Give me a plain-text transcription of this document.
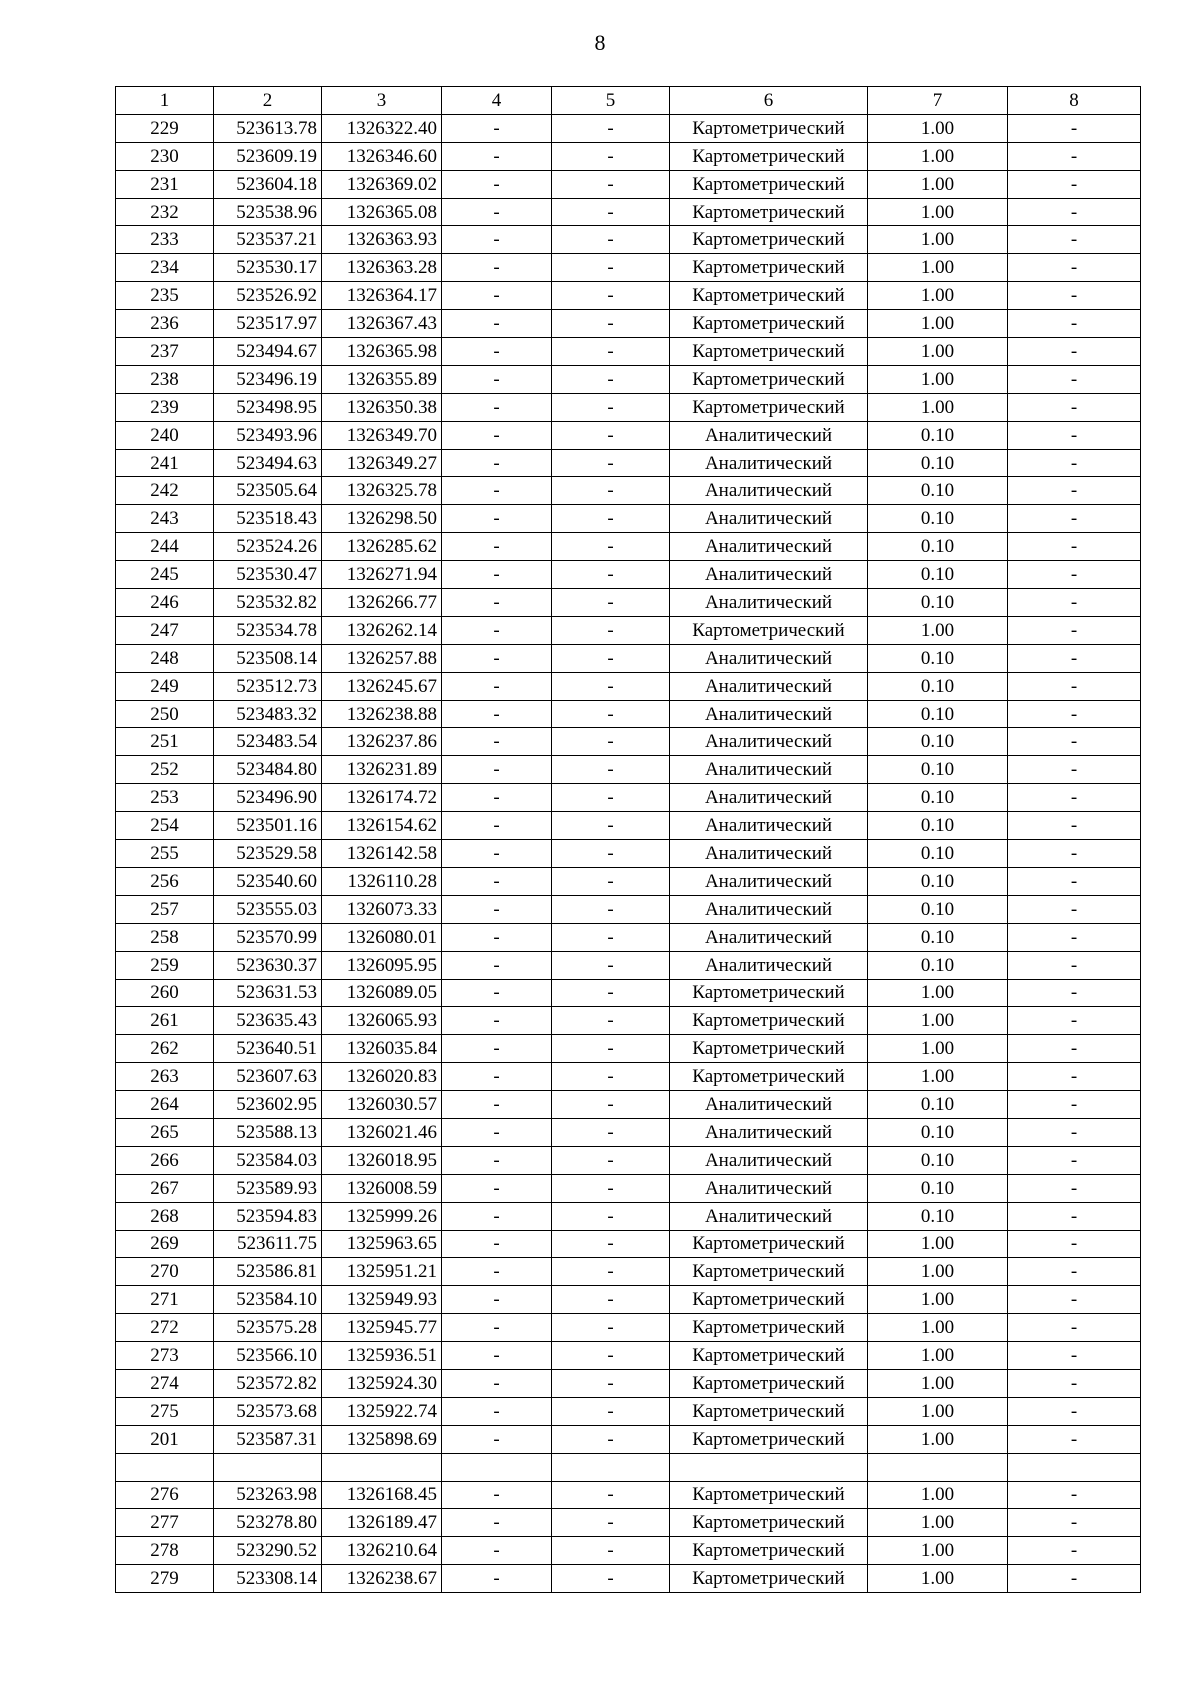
8
1	2	3	4	5	6	7	8
229	523613.78	1326322.40	-	-	Картометрический	1.00	-
230	523609.19	1326346.60	-	-	Картометрический	1.00	-
231	523604.18	1326369.02	-	-	Картометрический	1.00	-
232	523538.96	1326365.08	-	-	Картометрический	1.00	-
233	523537.21	1326363.93	-	-	Картометрический	1.00	-
234	523530.17	1326363.28	-	-	Картометрический	1.00	-
235	523526.92	1326364.17	-	-	Картометрический	1.00	-
236	523517.97	1326367.43	-	-	Картометрический	1.00	-
237	523494.67	1326365.98	-	-	Картометрический	1.00	-
238	523496.19	1326355.89	-	-	Картометрический	1.00	-
239	523498.95	1326350.38	-	-	Картометрический	1.00	-
240	523493.96	1326349.70	-	-	Аналитический	0.10	-
241	523494.63	1326349.27	-	-	Аналитический	0.10	-
242	523505.64	1326325.78	-	-	Аналитический	0.10	-
243	523518.43	1326298.50	-	-	Аналитический	0.10	-
244	523524.26	1326285.62	-	-	Аналитический	0.10	-
245	523530.47	1326271.94	-	-	Аналитический	0.10	-
246	523532.82	1326266.77	-	-	Аналитический	0.10	-
247	523534.78	1326262.14	-	-	Картометрический	1.00	-
248	523508.14	1326257.88	-	-	Аналитический	0.10	-
249	523512.73	1326245.67	-	-	Аналитический	0.10	-
250	523483.32	1326238.88	-	-	Аналитический	0.10	-
251	523483.54	1326237.86	-	-	Аналитический	0.10	-
252	523484.80	1326231.89	-	-	Аналитический	0.10	-
253	523496.90	1326174.72	-	-	Аналитический	0.10	-
254	523501.16	1326154.62	-	-	Аналитический	0.10	-
255	523529.58	1326142.58	-	-	Аналитический	0.10	-
256	523540.60	1326110.28	-	-	Аналитический	0.10	-
257	523555.03	1326073.33	-	-	Аналитический	0.10	-
258	523570.99	1326080.01	-	-	Аналитический	0.10	-
259	523630.37	1326095.95	-	-	Аналитический	0.10	-
260	523631.53	1326089.05	-	-	Картометрический	1.00	-
261	523635.43	1326065.93	-	-	Картометрический	1.00	-
262	523640.51	1326035.84	-	-	Картометрический	1.00	-
263	523607.63	1326020.83	-	-	Картометрический	1.00	-
264	523602.95	1326030.57	-	-	Аналитический	0.10	-
265	523588.13	1326021.46	-	-	Аналитический	0.10	-
266	523584.03	1326018.95	-	-	Аналитический	0.10	-
267	523589.93	1326008.59	-	-	Аналитический	0.10	-
268	523594.83	1325999.26	-	-	Аналитический	0.10	-
269	523611.75	1325963.65	-	-	Картометрический	1.00	-
270	523586.81	1325951.21	-	-	Картометрический	1.00	-
271	523584.10	1325949.93	-	-	Картометрический	1.00	-
272	523575.28	1325945.77	-	-	Картометрический	1.00	-
273	523566.10	1325936.51	-	-	Картометрический	1.00	-
274	523572.82	1325924.30	-	-	Картометрический	1.00	-
275	523573.68	1325922.74	-	-	Картометрический	1.00	-
201	523587.31	1325898.69	-	-	Картометрический	1.00	-

276	523263.98	1326168.45	-	-	Картометрический	1.00	-
277	523278.80	1326189.47	-	-	Картометрический	1.00	-
278	523290.52	1326210.64	-	-	Картометрический	1.00	-
279	523308.14	1326238.67	-	-	Картометрический	1.00	-
